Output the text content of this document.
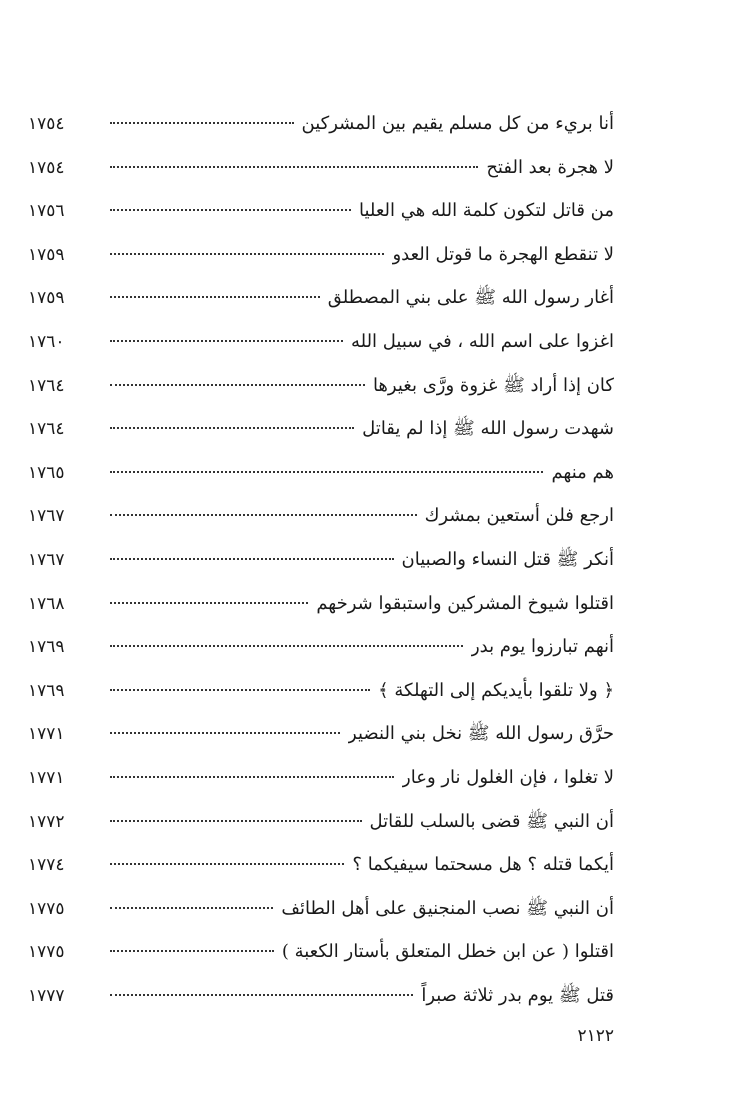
أنا بريء من كل مسلم يقيم بين المشركين
١٧٥٤
لا هجرة بعد الفتح
١٧٥٤
من قاتل لتكون كلمة الله هي العليا
١٧٥٦
لا تنقطع الهجرة ما قوتل العدو
١٧٥٩
أغار رسول الله ﷺ على بني المصطلق
١٧٥٩
اغزوا على اسم الله ، في سبيل الله
١٧٦٠
كان إذا أراد ﷺ غزوة ورَّى بغيرها
١٧٦٤
شهدت رسول الله ﷺ إذا لم يقاتل
١٧٦٤
هم منهم
١٧٦٥
ارجع فلن أستعين بمشرك
١٧٦٧
أنكر ﷺ قتل النساء والصبيان
١٧٦٧
اقتلوا شيوخ المشركين واستبقوا شرخهم
١٧٦٨
أنهم تبارزوا يوم بدر
١٧٦٩
﴿ ولا تلقوا بأيديكم إلى التهلكة ﴾
١٧٦٩
حرَّق رسول الله ﷺ نخل بني النضير
١٧٧١
لا تغلوا ، فإن الغلول نار وعار
١٧٧١
أن النبي ﷺ قضى بالسلب للقاتل
١٧٧٢
أيكما قتله ؟ هل مسحتما سيفيكما ؟
١٧٧٤
أن النبي ﷺ نصب المنجنيق على أهل الطائف
١٧٧٥
اقتلوا ( عن ابن خطل المتعلق بأستار الكعبة )
١٧٧٥
قتل ﷺ يوم بدر ثلاثة صبراً
١٧٧٧
٢١٢٢
